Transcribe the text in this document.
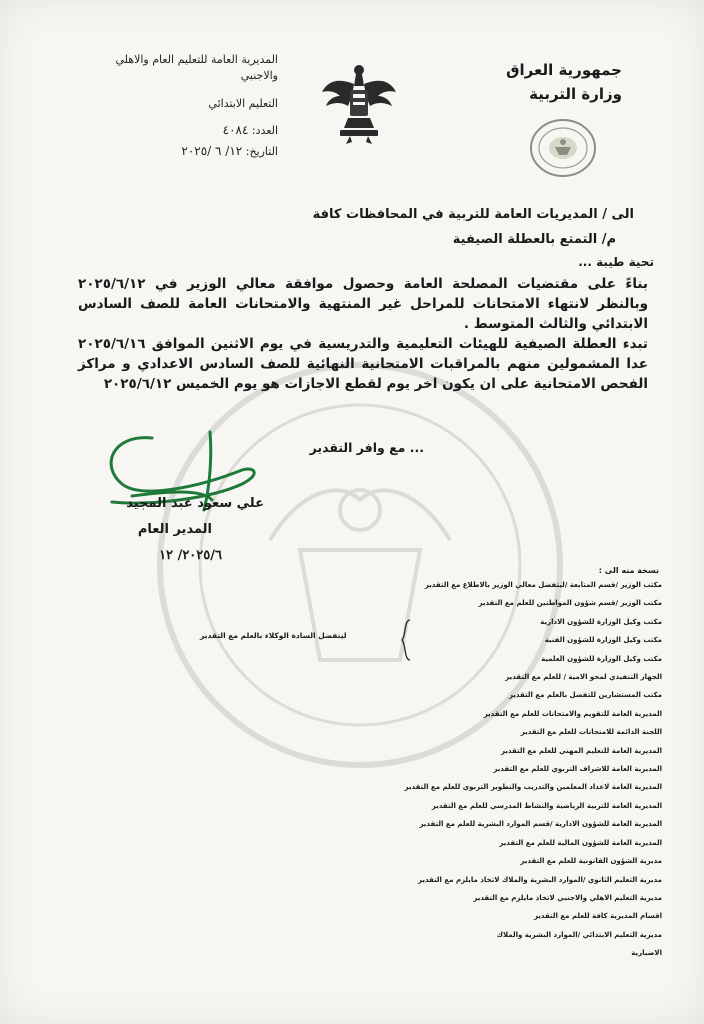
المديرية العامة للتعليم العام والاهلي
والاجنبي
التعليم الابتدائي
العدد: ٤٠٨٤
التاريخ: ١٢/ ٦ /٢٠٢٥
جمهورية العراق
وزارة التربية
الى / المديريات العامة للتربية في المحافظات كافة
م/ التمتع بالعطلة الصيفية
تحية طيبة ...
بناءً على مقتضيات المصلحة العامة وحصول موافقة معالي الوزير في ٢٠٢٥/٦/١٢ وبالنظر لانتهاء الامتحانات للمراحل غير المنتهية والامتحانات العامة للصف السادس الابتدائي والثالث المتوسط .
تبدء العطلة الصيفية للهيئات التعليمية والتدريسية في يوم الاثنين الموافق ٢٠٢٥/٦/١٦ عدا المشمولين منهم بالمراقبات الامتحانية النهائية للصف السادس الاعدادي و مراكز الفحص الامتحانية على ان يكون اخر يوم لقطع الاجازات هو يوم الخميس ٢٠٢٥/٦/١٢
... مع وافر التقدير
علي سعود عبد المجيد
المدير العام
٢٠٢٥/٦/ ١٢
نسخة منه الى :
مكتب الوزير /قسم المتابعة /ليتفضل معالي الوزير بالاطلاع مع التقدير
مكتب الوزير /قسم شؤون المواطنين للعلم مع التقدير
مكتب وكيل الوزارة للشؤون الادارية
مكتب وكيل الوزارة للشؤون الفنية
مكتب وكيل الوزارة للشؤون العلمية
الجهاز التنفيذي لمحو الامية / للعلم مع التقدير
مكتب المستشارين للتفضل بالعلم مع التقدير
المديرية العامة للتقويم والامتحانات للعلم مع التقدير
اللجنة الدائمة للامتحانات للعلم مع التقدير
المديرية العامة للتعليم المهني للعلم مع التقدير
المديرية العامة للاشراف التربوي للعلم مع التقدير
المديرية العامة لاعداد المعلمين والتدريب والتطوير التربوي للعلم مع التقدير
المديرية العامة للتربية الرياضية والنشاط المدرسي للعلم مع التقدير
المديرية العامة للشؤون الادارية /قسم الموارد البشرية للعلم مع التقدير
المديرية العامة للشؤون المالية للعلم مع التقدير
مديرية الشؤون القانونية للعلم مع التقدير
مديرية التعليم الثانوي /الموارد البشرية والملاك لاتخاذ مايلزم مع التقدير
مديرية التعليم الاهلي والاجنبي لاتخاذ مايلزم مع التقدير
اقسام المديرية كافة للعلم مع التقدير
مديرية التعليم الابتدائي /الموارد البشرية والملاك
الاضبارية
ليتفضل السادة الوكلاء بالعلم مع التقدير
